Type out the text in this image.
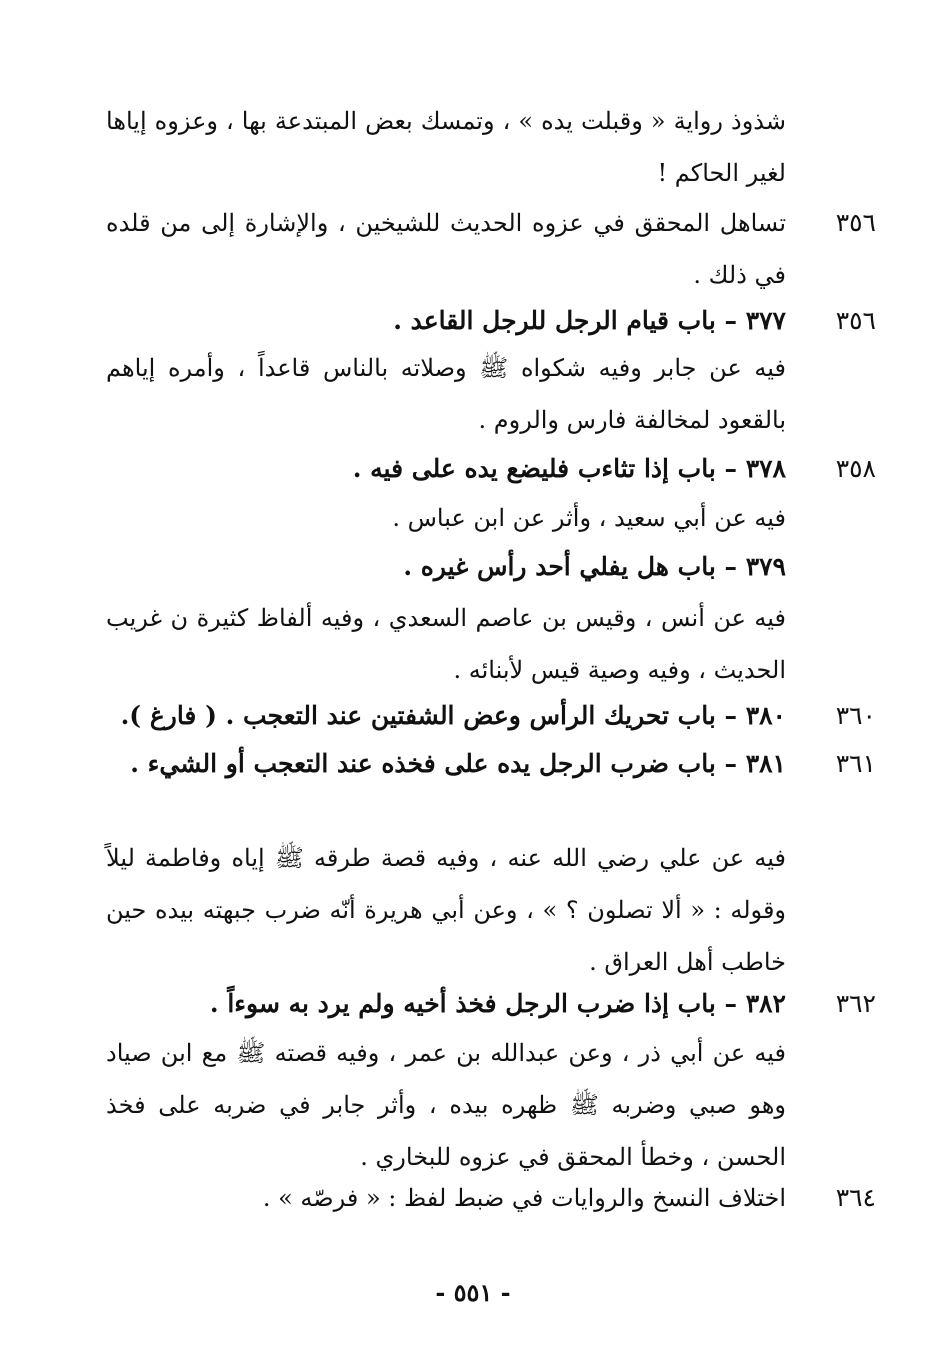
شذوذ رواية « وقبلت يده » ، وتمسك بعض المبتدعة بها ، وعزوه إياها لغير الحاكم !
٣٥٦
تساهل المحقق في عزوه الحديث للشيخين ، والإشارة إلى من قلده في ذلك .
٣٥٦
٣٧٧ – باب قيام الرجل للرجل القاعد .
فيه عن جابر وفيه شكواه ﷺ وصلاته بالناس قاعداً ، وأمره إياهم بالقعود لمخالفة فارس والروم .
٣٥٨
٣٧٨ – باب إذا تثاءب فليضع يده على فيه .
فيه عن أبي سعيد ، وأثر عن ابن عباس .
٣٧٩ – باب هل يفلي أحد رأس غيره .
فيه عن أنس ، وقيس بن عاصم السعدي ، وفيه ألفاظ كثيرة ن غريب الحديث ، وفيه وصية قيس لأبنائه .
٣٦٠
٣٨٠ – باب تحريك الرأس وعض الشفتين عند التعجب . ( فارغ ).
٣٦١
٣٨١ – باب ضرب الرجل يده على فخذه عند التعجب أو الشيء .
فيه عن علي رضي الله عنه ، وفيه قصة طرقه ﷺ إياه وفاطمة ليلاً وقوله : « ألا تصلون ؟ » ، وعن أبي هريرة أنّه ضرب جبهته بيده حين خاطب أهل العراق .
٣٦٢
٣٨٢ – باب إذا ضرب الرجل فخذ أخيه ولم يرد به سوءاً .
فيه عن أبي ذر ، وعن عبدالله بن عمر ، وفيه قصته ﷺ مع ابن صياد وهو صبي وضربه ﷺ ظهره بيده ، وأثر جابر في ضربه على فخذ الحسن ، وخطأ المحقق في عزوه للبخاري .
٣٦٤
اختلاف النسخ والروايات في ضبط لفظ : « فرصّه » .
- ٥٥١ -
